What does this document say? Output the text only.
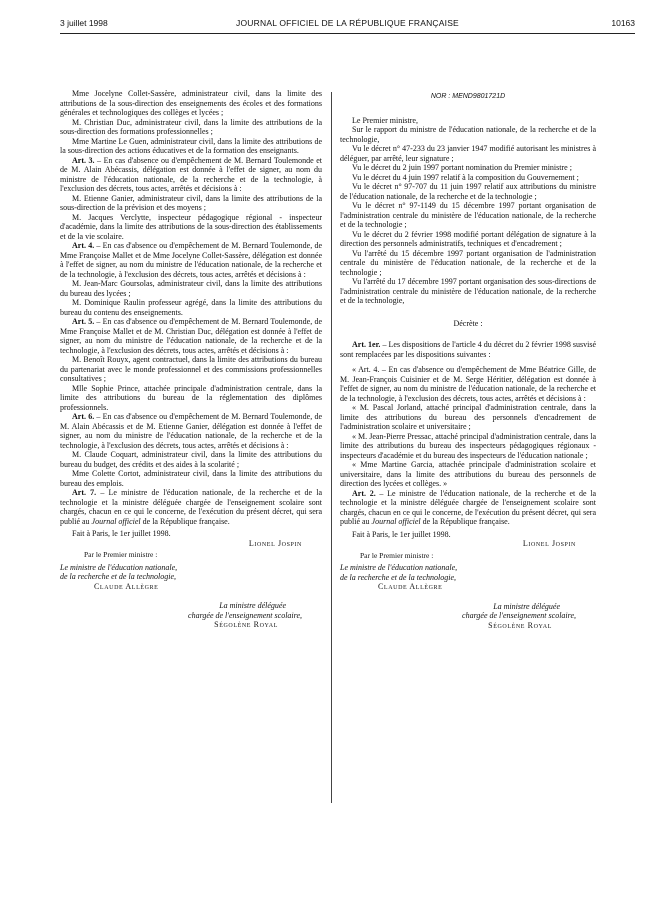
3 juillet 1998	JOURNAL OFFICIEL DE LA RÉPUBLIQUE FRANÇAISE	10163

Mme Jocelyne Collet-Sassère, administrateur civil, dans la limite des attributions de la sous-direction des enseignements des écoles et des formations générales et technologiques des collèges et lycées ;

M. Christian Duc, administrateur civil, dans la limite des attributions de la sous-direction des formations professionnelles ;

Mme Martine Le Guen, administrateur civil, dans la limite des attributions de la sous-direction des actions éducatives et de la formation des enseignants.

Art. 3. – En cas d'absence ou d'empêchement de M. Bernard Toulemonde et de M. Alain Abécassis, délégation est donnée à l'effet de signer, au nom du ministre de l'éducation nationale, de la recherche et de la technologie, à l'exclusion des décrets, tous actes, arrêtés et décisions à :

M. Etienne Ganier, administrateur civil, dans la limite des attributions de la sous-direction de la prévision et des moyens ;

M. Jacques Verclytte, inspecteur pédagogique régional - inspecteur d'académie, dans la limite des attributions de la sous-direction des établissements et de la vie scolaire.

Art. 4. – En cas d'absence ou d'empêchement de M. Bernard Toulemonde, de Mme Françoise Mallet et de Mme Jocelyne Collet-Sassère, délégation est donnée à l'effet de signer, au nom du ministre de l'éducation nationale, de la recherche et de la technologie, à l'exclusion des décrets, tous actes, arrêtés et décisions à :

M. Jean-Marc Goursolas, administrateur civil, dans la limite des attributions du bureau des lycées ;

M. Dominique Raulin professeur agrégé, dans la limite des attributions du bureau du contenu des enseignements.

Art. 5. – En cas d'absence ou d'empêchement de M. Bernard Toulemonde, de Mme Françoise Mallet et de M. Christian Duc, délégation est donnée à l'effet de signer, au nom du ministre de l'éducation nationale, de la recherche et de la technologie, à l'exclusion des décrets, tous actes, arrêtés et décisions à :

M. Benoît Rouyx, agent contractuel, dans la limite des attributions du bureau du partenariat avec le monde professionnel et des commissions professionnelles consultatives ;

Mlle Sophie Prince, attachée principale d'administration centrale, dans la limite des attributions du bureau de la réglementation des diplômes professionnels.

Art. 6. – En cas d'absence ou d'empêchement de M. Bernard Toulemonde, de M. Alain Abécassis et de M. Etienne Ganier, délégation est donnée à l'effet de signer, au nom du ministre de l'éducation nationale, de la recherche et de la technologie, à l'exclusion des décrets, tous actes, arrêtés et décisions à :

M. Claude Coquart, administrateur civil, dans la limite des attributions du bureau du budget, des crédits et des aides à la scolarité ;

Mme Colette Cortot, administrateur civil, dans la limite des attributions du bureau des emplois.

Art. 7. – Le ministre de l'éducation nationale, de la recherche et de la technologie et la ministre déléguée chargée de l'enseignement scolaire sont chargés, chacun en ce qui le concerne, de l'exécution du présent décret, qui sera publié au Journal officiel de la République française.

Fait à Paris, le 1er juillet 1998.

Lionel Jospin

Par le Premier ministre :

Le ministre de l'éducation nationale,

de la recherche et de la technologie,

Claude Allègre

La ministre déléguée

chargée de l'enseignement scolaire,

Ségolène Royal

NOR : MEND9801721D

Le Premier ministre,

Sur le rapport du ministre de l'éducation nationale, de la recherche et de la technologie,

Vu le décret n° 47-233 du 23 janvier 1947 modifié autorisant les ministres à déléguer, par arrêté, leur signature ;

Vu le décret du 2 juin 1997 portant nomination du Premier ministre ;

Vu le décret du 4 juin 1997 relatif à la composition du Gouvernement ;

Vu le décret n° 97-707 du 11 juin 1997 relatif aux attributions du ministre de l'éducation nationale, de la recherche et de la technologie ;

Vu le décret n° 97-1149 du 15 décembre 1997 portant organisation de l'administration centrale du ministère de l'éducation nationale, de la recherche et de la technologie ;

Vu le décret du 2 février 1998 modifié portant délégation de signature à la direction des personnels administratifs, techniques et d'encadrement ;

Vu l'arrêté du 15 décembre 1997 portant organisation de l'administration centrale du ministère de l'éducation nationale, de la recherche et de la technologie ;

Vu l'arrêté du 17 décembre 1997 portant organisation des sous-directions de l'administration centrale du ministère de l'éducation nationale, de la recherche et de la technologie,

Décrète :

Art. 1er. – Les dispositions de l'article 4 du décret du 2 février 1998 susvisé sont remplacées par les dispositions suivantes :

« Art. 4. – En cas d'absence ou d'empêchement de Mme Béatrice Gille, de M. Jean-François Cuisinier et de M. Serge Héritier, délégation est donnée à l'effet de signer, au nom du ministre de l'éducation nationale, de la recherche et de la technologie, à l'exclusion des décrets, tous actes, arrêtés et décisions à :

« M. Pascal Jorland, attaché principal d'administration centrale, dans la limite des attributions du bureau des personnels d'encadrement de l'administration scolaire et universitaire ;

« M. Jean-Pierre Pressac, attaché principal d'administration centrale, dans la limite des attributions du bureau des inspecteurs pédagogiques régionaux - inspecteurs d'académie et du bureau des inspecteurs de l'éducation nationale ;

« Mme Martine Garcia, attachée principale d'administration scolaire et universitaire, dans la limite des attributions du bureau des personnels de direction des lycées et collèges. »

Art. 2. – Le ministre de l'éducation nationale, de la recherche et de la technologie et la ministre déléguée chargée de l'enseignement scolaire sont chargés, chacun en ce qui le concerne, de l'exécution du présent décret, qui sera publié au Journal officiel de la République française.

Fait à Paris, le 1er juillet 1998.

Lionel Jospin

Par le Premier ministre :

Le ministre de l'éducation nationale,

de la recherche et de la technologie,

Claude Allègre

La ministre déléguée

chargée de l'enseignement scolaire,

Ségolène Royal
